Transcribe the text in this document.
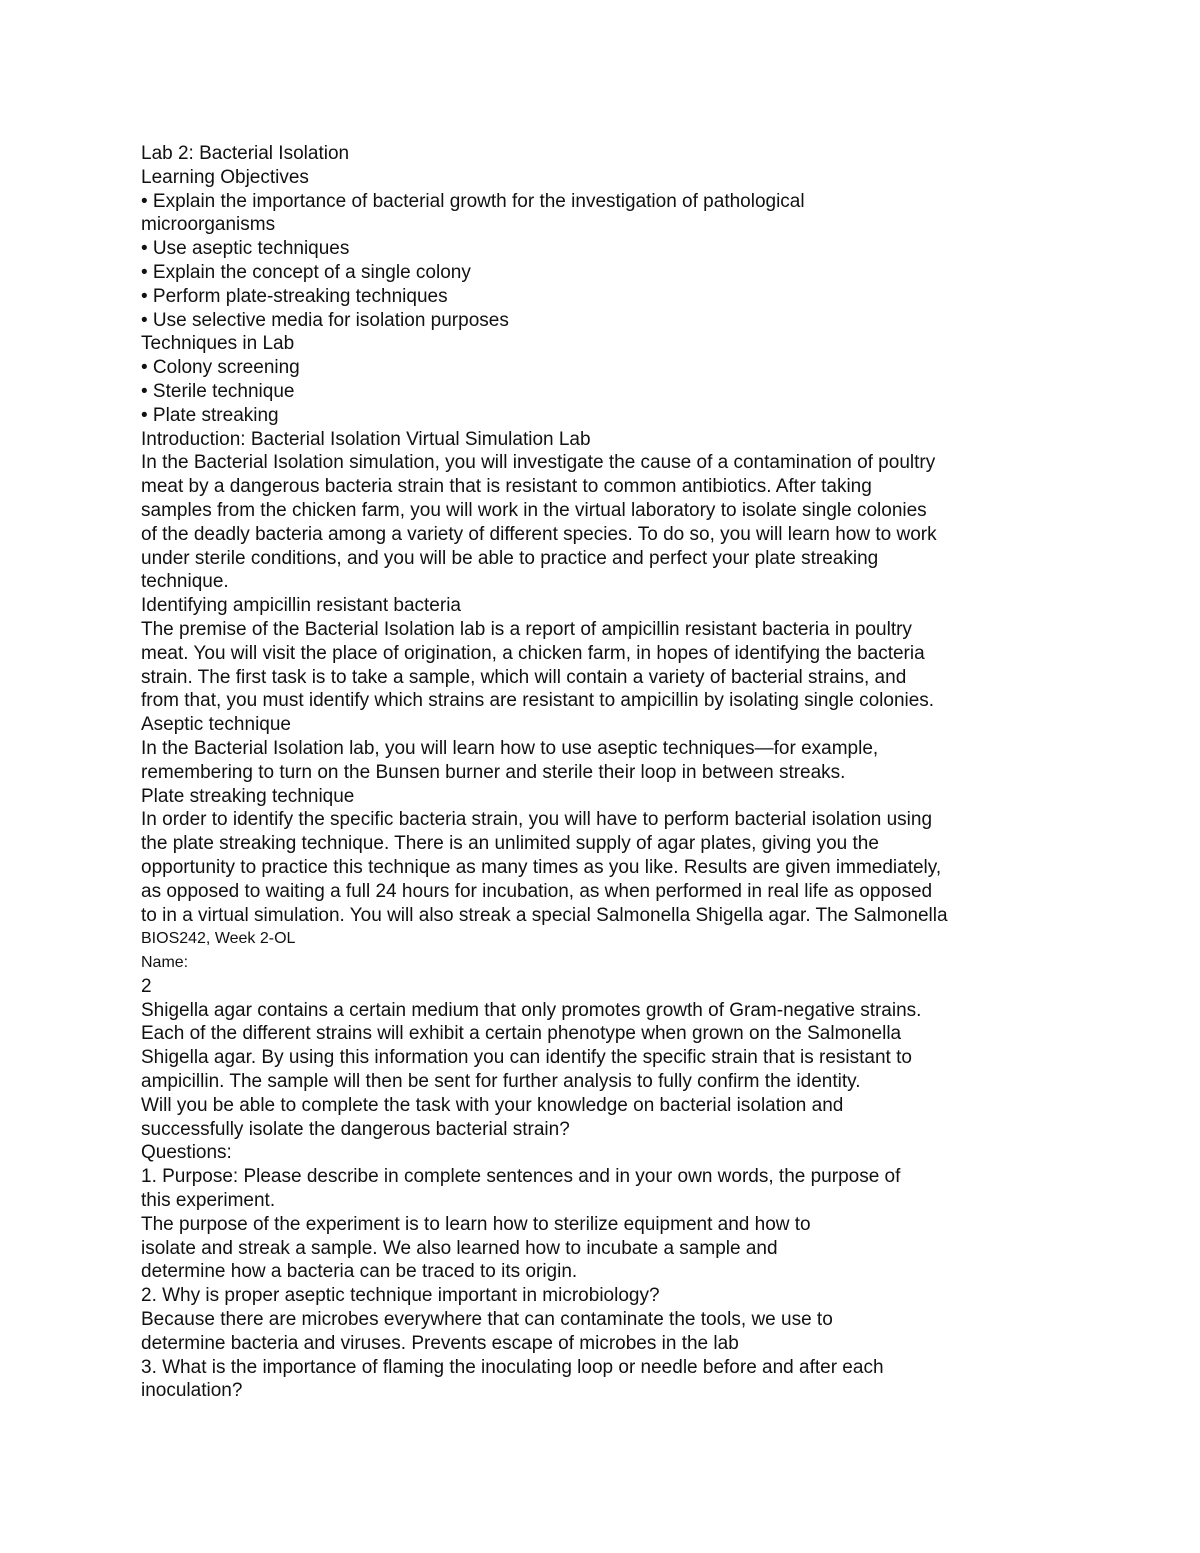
Lab 2: Bacterial Isolation
Learning Objectives
• Explain the importance of bacterial growth for the investigation of pathological
microorganisms
• Use aseptic techniques
• Explain the concept of a single colony
• Perform plate-streaking techniques
• Use selective media for isolation purposes
Techniques in Lab
• Colony screening
• Sterile technique
• Plate streaking
Introduction: Bacterial Isolation Virtual Simulation Lab
In the Bacterial Isolation simulation, you will investigate the cause of a contamination of poultry
meat by a dangerous bacteria strain that is resistant to common antibiotics. After taking
samples from the chicken farm, you will work in the virtual laboratory to isolate single colonies
of the deadly bacteria among a variety of different species. To do so, you will learn how to work
under sterile conditions, and you will be able to practice and perfect your plate streaking
technique.
Identifying ampicillin resistant bacteria
The premise of the Bacterial Isolation lab is a report of ampicillin resistant bacteria in poultry
meat. You will visit the place of origination, a chicken farm, in hopes of identifying the bacteria
strain. The first task is to take a sample, which will contain a variety of bacterial strains, and
from that, you must identify which strains are resistant to ampicillin by isolating single colonies.
Aseptic technique
In the Bacterial Isolation lab, you will learn how to use aseptic techniques—for example,
remembering to turn on the Bunsen burner and sterile their loop in between streaks.
Plate streaking technique
In order to identify the specific bacteria strain, you will have to perform bacterial isolation using
the plate streaking technique. There is an unlimited supply of agar plates, giving you the
opportunity to practice this technique as many times as you like. Results are given immediately,
as opposed to waiting a full 24 hours for incubation, as when performed in real life as opposed
to in a virtual simulation. You will also streak a special Salmonella Shigella agar. The Salmonella
BIOS242, Week 2-OL
Name:
2
Shigella agar contains a certain medium that only promotes growth of Gram-negative strains.
Each of the different strains will exhibit a certain phenotype when grown on the Salmonella
Shigella agar. By using this information you can identify the specific strain that is resistant to
ampicillin. The sample will then be sent for further analysis to fully confirm the identity.
Will you be able to complete the task with your knowledge on bacterial isolation and
successfully isolate the dangerous bacterial strain?
Questions:
1. Purpose: Please describe in complete sentences and in your own words, the purpose of
this experiment.
The purpose of the experiment is to learn how to sterilize equipment and how to
isolate and streak a sample. We also learned how to incubate a sample and
determine how a bacteria can be traced to its origin.
2. Why is proper aseptic technique important in microbiology?
Because there are microbes everywhere that can contaminate the tools, we use to
determine bacteria and viruses. Prevents escape of microbes in the lab
3. What is the importance of flaming the inoculating loop or needle before and after each
inoculation?
